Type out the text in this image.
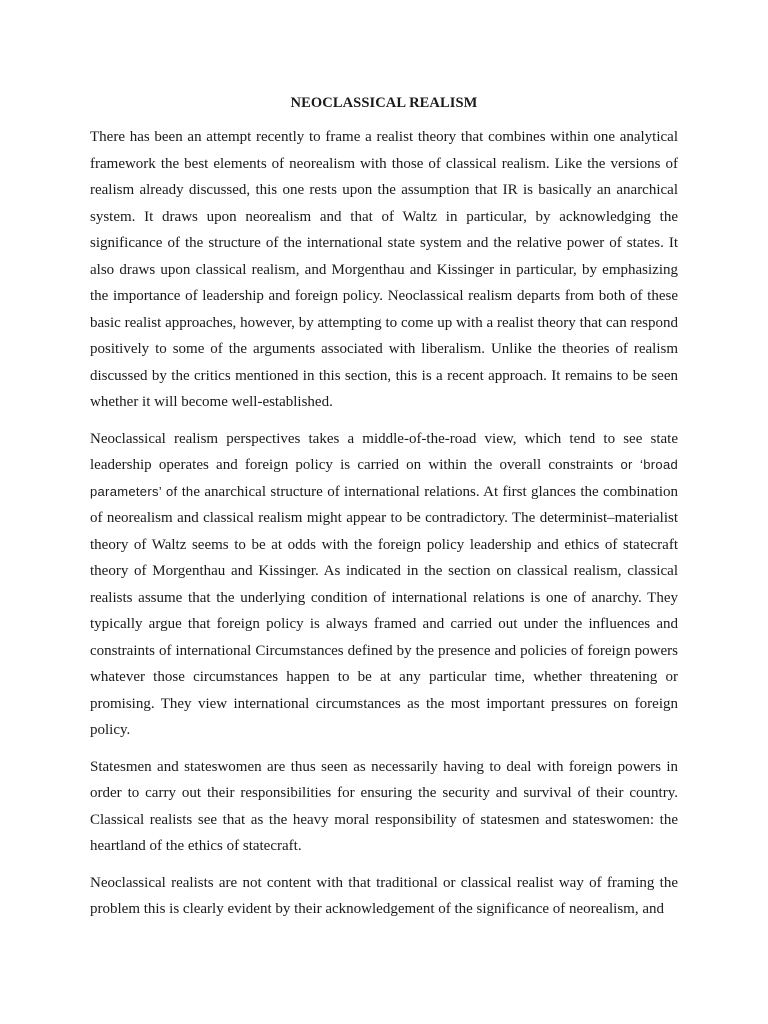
NEOCLASSICAL REALISM

There has been an attempt recently to frame a realist theory that combines within one analytical framework the best elements of neorealism with those of classical realism. Like the versions of realism already discussed, this one rests upon the assumption that IR is basically an anarchical system. It draws upon neorealism and that of Waltz in particular, by acknowledging the significance of the structure of the international state system and the relative power of states. It also draws upon classical realism, and Morgenthau and Kissinger in particular, by emphasizing the importance of leadership and foreign policy. Neoclassical realism departs from both of these basic realist approaches, however, by attempting to come up with a realist theory that can respond positively to some of the arguments associated with liberalism. Unlike the theories of realism discussed by the critics mentioned in this section, this is a recent approach. It remains to be seen whether it will become well-established.

Neoclassical realism perspectives takes a middle-of-the-road view, which tend to see state leadership operates and foreign policy is carried on within the overall constraints or ‘broad parameters’ of the anarchical structure of international relations. At first glances the combination of neorealism and classical realism might appear to be contradictory. The determinist–materialist theory of Waltz seems to be at odds with the foreign policy leadership and ethics of statecraft theory of Morgenthau and Kissinger. As indicated in the section on classical realism, classical realists assume that the underlying condition of international relations is one of anarchy. They typically argue that foreign policy is always framed and carried out under the influences and constraints of international Circumstances defined by the presence and policies of foreign powers whatever those circumstances happen to be at any particular time, whether threatening or promising. They view international circumstances as the most important pressures on foreign policy.

Statesmen and stateswomen are thus seen as necessarily having to deal with foreign powers in order to carry out their responsibilities for ensuring the security and survival of their country. Classical realists see that as the heavy moral responsibility of statesmen and stateswomen: the heartland of the ethics of statecraft.

Neoclassical realists are not content with that traditional or classical realist way of framing the problem this is clearly evident by their acknowledgement of the significance of neorealism, and
